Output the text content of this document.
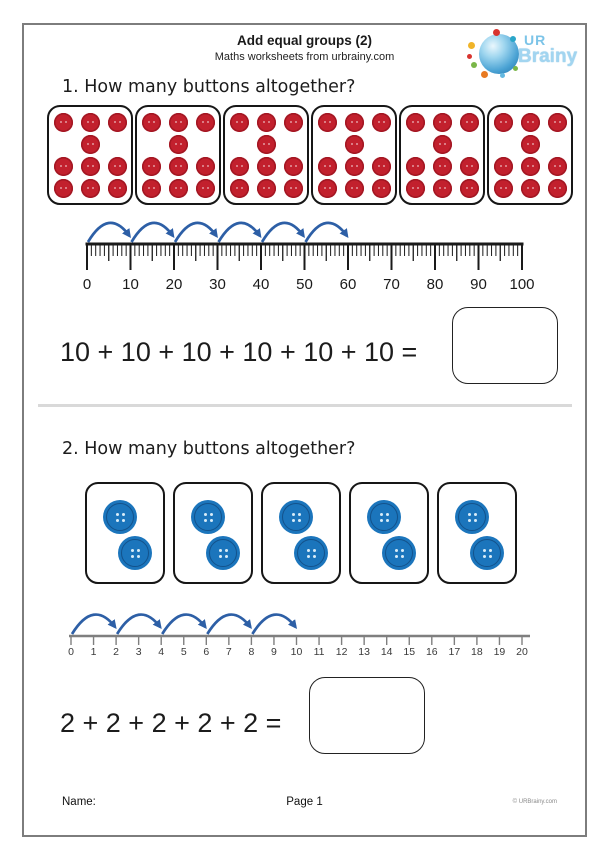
Add equal groups (2)
Maths worksheets from urbrainy.com
UR
Brainy
1. How many buttons altogether?
0 10 20 30 40 50 60 70 80 90 100
10 + 10 + 10 + 10 + 10 + 10 =
2. How many buttons altogether?
0 1 2 3 4 5 6 7 8 9 10 11 12 13 14 15 16 17 18 19 20
2 + 2 + 2 + 2 + 2 =
Name:	Page 1	© URBrainy.com
